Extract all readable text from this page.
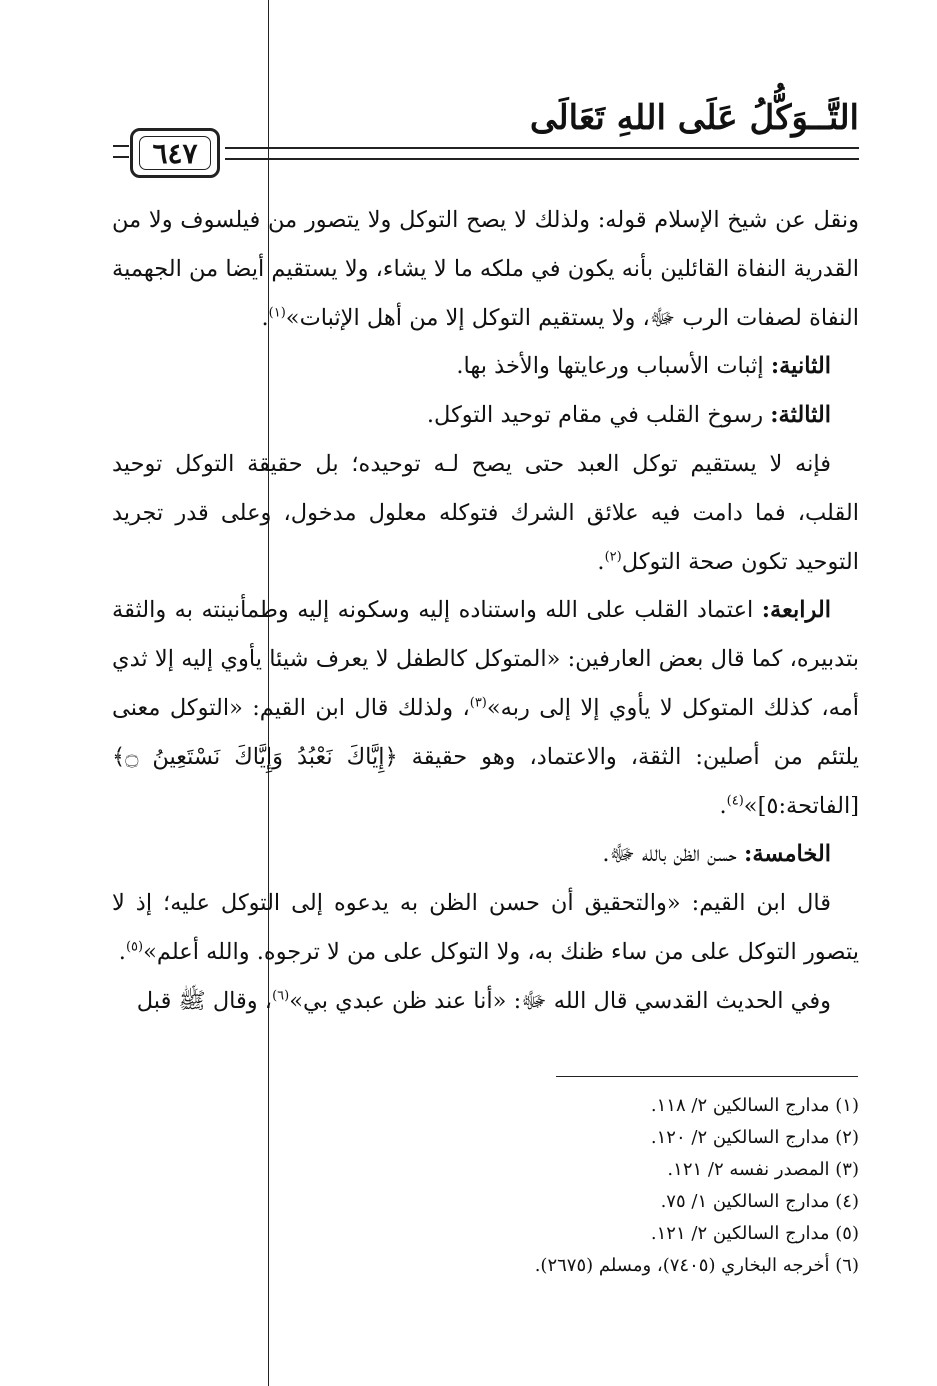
التَّــوَكُّلُ عَلَى اللهِ تَعَالَى
٦٤٧

ونقل عن شيخ الإسلام قوله: ولذلك لا يصح التوكل ولا يتصور من فيلسوف ولا من القدرية النفاة القائلين بأنه يكون في ملكه ما لا يشاء، ولا يستقيم أيضا من الجهمية النفاة لصفات الرب ﷻ، ولا يستقيم التوكل إلا من أهل الإثبات»$^{(١)}$.

الثانية: إثبات الأسباب ورعايتها والأخذ بها.

الثالثة: رسوخ القلب في مقام توحيد التوكل.

فإنه لا يستقيم توكل العبد حتى يصح لـه توحيده؛ بل حقيقة التوكل توحيد القلب، فما دامت فيه علائق الشرك فتوكله معلول مدخول، وعلى قدر تجريد التوحيد تكون صحة التوكل$^{(٢)}$.

الرابعة: اعتماد القلب على الله واستناده إليه وسكونه إليه وطمأنينته به والثقة بتدبيره، كما قال بعض العارفين: «المتوكل كالطفل لا يعرف شيئا يأوي إليه إلا ثدي أمه، كذلك المتوكل لا يأوي إلا إلى ربه»$^{(٣)}$، ولذلك قال ابن القيم: «التوكل معنى يلتئم من أصلين: الثقة، والاعتماد، وهو حقيقة ﴿إِيَّاكَ نَعْبُدُ وَإِيَّاكَ نَسْتَعِينُ ۝﴾ [الفاتحة:٥]»$^{(٤)}$.

الخامسة: حسن الظن بالله ﷻ.

قال ابن القيم: «والتحقيق أن حسن الظن به يدعوه إلى التوكل عليه؛ إذ لا يتصور التوكل على من ساء ظنك به، ولا التوكل على من لا ترجوه. والله أعلم»$^{(٥)}$.

وفي الحديث القدسي قال الله ﷻ: «أنا عند ظن عبدي بي»$^{(٦)}$، وقال ﷺ قبل

(١) مدارج السالكين ٢/ ١١٨.
(٢) مدارج السالكين ٢/ ١٢٠.
(٣) المصدر نفسه ٢/ ١٢١.
(٤) مدارج السالكين ١/ ٧٥.
(٥) مدارج السالكين ٢/ ١٢١.
(٦) أخرجه البخاري (٧٤٠٥)، ومسلم (٢٦٧٥).
